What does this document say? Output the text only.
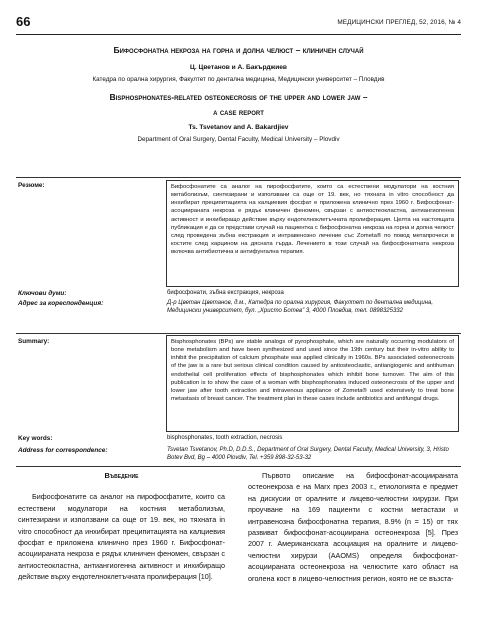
66	МЕДИЦИНСКИ ПРЕГЛЕД, 52, 2016, № 4
Бифосфонатна некроза на горна и долна челюст – клиничен случай
Ц. Цветанов и А. Бакърджиев
Катедра по орална хирургия, Факултет по дентална медицина, Медицински университет – Пловдив
Bisphosphonates-related osteonecrosis of the upper and lower jaw –
a case report
Ts. Tsvetanov and A. Bakardjiev
Department of Oral Surgery, Dental Faculty, Medical University – Plovdiv
Резюме:	Бифосфонатите са аналог на пирофосфатите, които са естествени модулатори на костния метаболизъм, синтезирани и използвани са още от 19. век, но тяхната in vitro способност да инхибират преципитацията на калциевия фосфат е приложена клинично през 1960 г. Бифосфонат-асоциираната некроза е рядък клиничен феномен, свързан с антиостеокластна, антиангиогенна активност и инхибиращо действие върху ендотелноклетъчната пролиферация. Целта на настоящата публикация е да се представи случай на пациентка с бифосфонатна некроза на горна и долна челюст след проведена зъбна екстракция и интравенозно лечение със Zometa® по повод метапрочеси в костите след карцином на дясната гърда. Лечението в този случай на бифосфонатната некроза включва антибиотична и антифунгална терапия.
Ключови думи:	бифосфонати, зъбна екстракция, некроза
Адрес за кореспонденция:	Д-р Цветан Цветанов, д.м., Катедра по орална хирургия, Факултет по дентална медицина, Медицински университет, бул. „Христо Ботев” 3, 4000 Пловдив, тел. 0898325332
Summary:	Bisphosphonates (BPs) are stable analogs of pyrophosphate, which are naturally occurring modulators of bone metabolism and have been synthesized and used since the 19th century but their in-vitro ability to inhibit the precipitation of calcium phosphate was applied clinically in 1960s. BPs associated osteonecrosis of the jaw is a rare but serious clinical condition caused by antiosteoclastic, antiangiogenic and antihuman endothelial cell proliferation effects of bisphosphonates which inhibit bone turnover. The aim of this publication is to show the case of a woman with bisphosphonates induced osteonecrosis of the upper and lower jaw after tooth extraction and intravenous appliance of Zometa® used extensively to treat bone metastasis of breast cancer. The treatment plan in these cases include antibiotics and antifungal drugs.
Key words:	bisphosphonates, tooth extraction, necrosis
Address for correspondence:	Tsvetan Tsvetanov, Ph.D, D.D.S., Department of Oral Surgery, Dental Faculty, Medical University, 3, Hristo Botev Bvd, Bg – 4000 Plovdiv, Tel. +359 898-32-53-32
Въведение
Бифосфонатите са аналог на пирофосфатите, които са естествени модулатори на костния метаболизъм, синтезирани и използвани са още от 19. век, но тяхната in vitro способност да инхибират преципитацията на калциевия фосфат е приложена клинично през 1960 г. Бифосфонат-асоциираната некроза е рядък клиничен феномен, свързан с антиостеокластна, антиангиогенна активност и инхибиращо действие върху ендотелноклетъчната пролиферация [10].
Първото описание на бифосфонат-асоциираната остеонекроза е на Marx през 2003 г., етиологията е предмет на дискусии от оралните и лицево-челюстни хирурзи. При проучване на 169 пациенти с костни метастази и интравенозна бифосфонатна терапия, 8.9% (n = 15) от тях развиват бифосфонат-асоциирана остеонекроза [5]. През 2007 г. Американската асоциация на оралните и лицево-челюстни хирурзи (AAOMS) определя бифосфонат-асоциираната остеонекроза на челюстите като област на оголена кост в лицево-челюстния регион, която не се възста-
